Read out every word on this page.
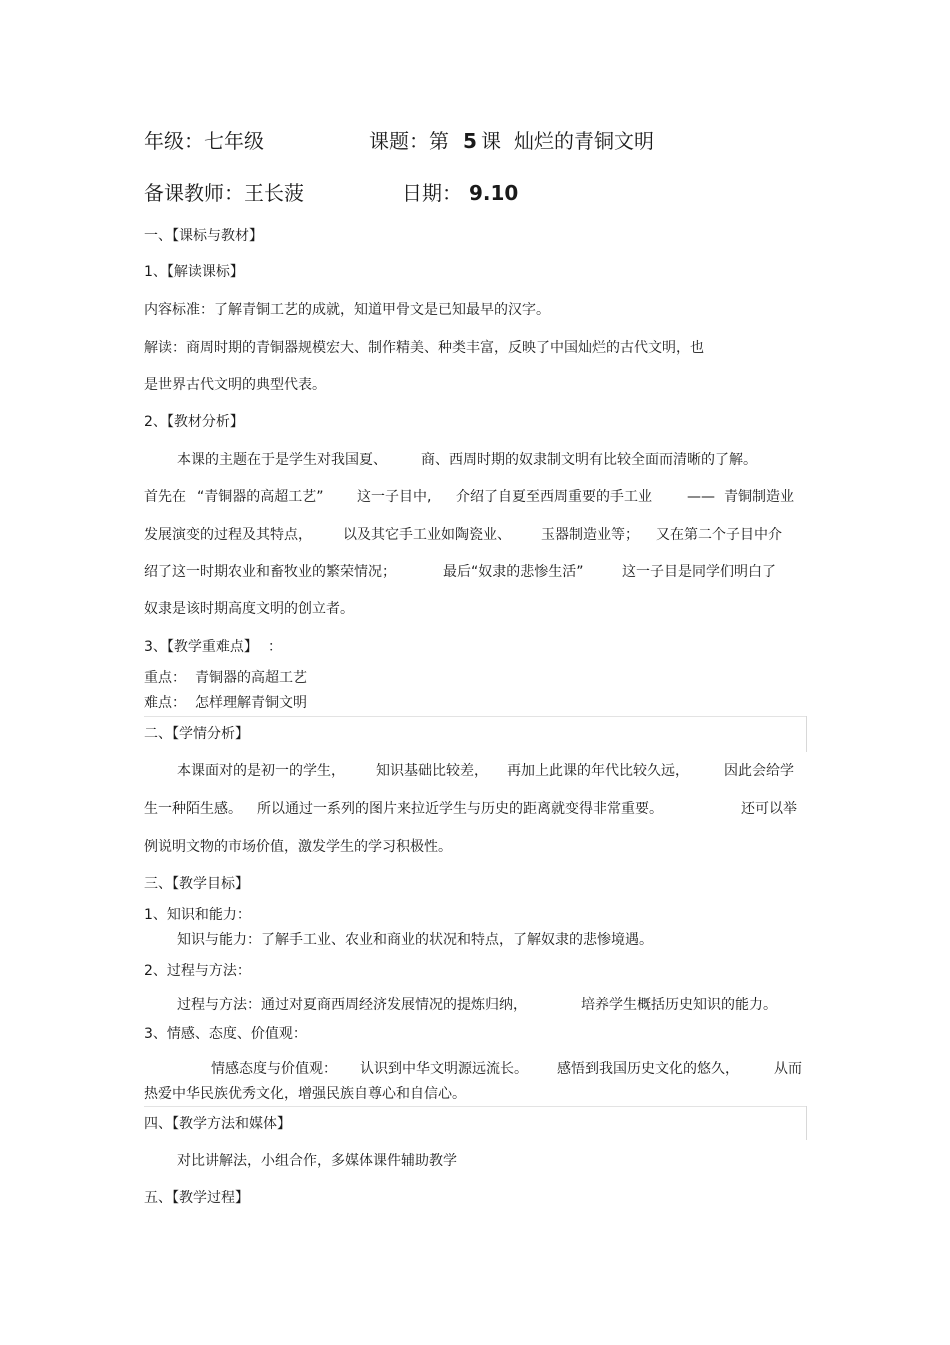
年级：七年级	课题：第 5 课 灿烂的青铜文明
备课教师：王长菠	日期： 9.10
一、【课标与教材】
1、【解读课标】
内容标准：了解青铜工艺的成就，知道甲骨文是已知最早的汉字。
解读：商周时期的青铜器规模宏大、制作精美、种类丰富，反映了中国灿烂的古代文明，也
是世界古代文明的典型代表。
2、【教材分析】
本课的主题在于是学生对我国夏、 商、西周时期的奴隶制文明有比较全面而清晰的了解。
首先在 “青铜器的高超工艺” 这一子目中, 介绍了自夏至西周重要的手工业	—— 青铜制造业
发展演变的过程及其特点， 以及其它手工业如陶瓷业、 玉器制造业等； 又在第二个子目中介
绍了这一时期农业和畜牧业的繁荣情况；	最后“奴隶的悲惨生活”	这一子目是同学们明白了
奴隶是该时期高度文明的创立者。
3、【教学重难点】 ：
重点： 青铜器的高超工艺
难点： 怎样理解青铜文明
二、【学情分析】
本课面对的是初一的学生， 知识基础比较差， 再加上此课的年代比较久远，	因此会给学
生一种陌生感。 所以通过一系列的图片来拉近学生与历史的距离就变得非常重要。	还可以举
例说明文物的市场价值，激发学生的学习积极性。
三、【教学目标】
1、知识和能力：
知识与能力：了解手工业、农业和商业的状况和特点，了解奴隶的悲惨境遇。
2、过程与方法：
过程与方法：通过对夏商西周经济发展情况的提炼归纳，	培养学生概括历史知识的能力。
3、情感、态度、价值观：
情感态度与价值观： 认识到中华文明源远流长。 感悟到我国历史文化的悠久，	从而
热爱中华民族优秀文化，增强民族自尊心和自信心。
四、【教学方法和媒体】
对比讲解法，小组合作，多媒体课件辅助教学
五、【教学过程】
